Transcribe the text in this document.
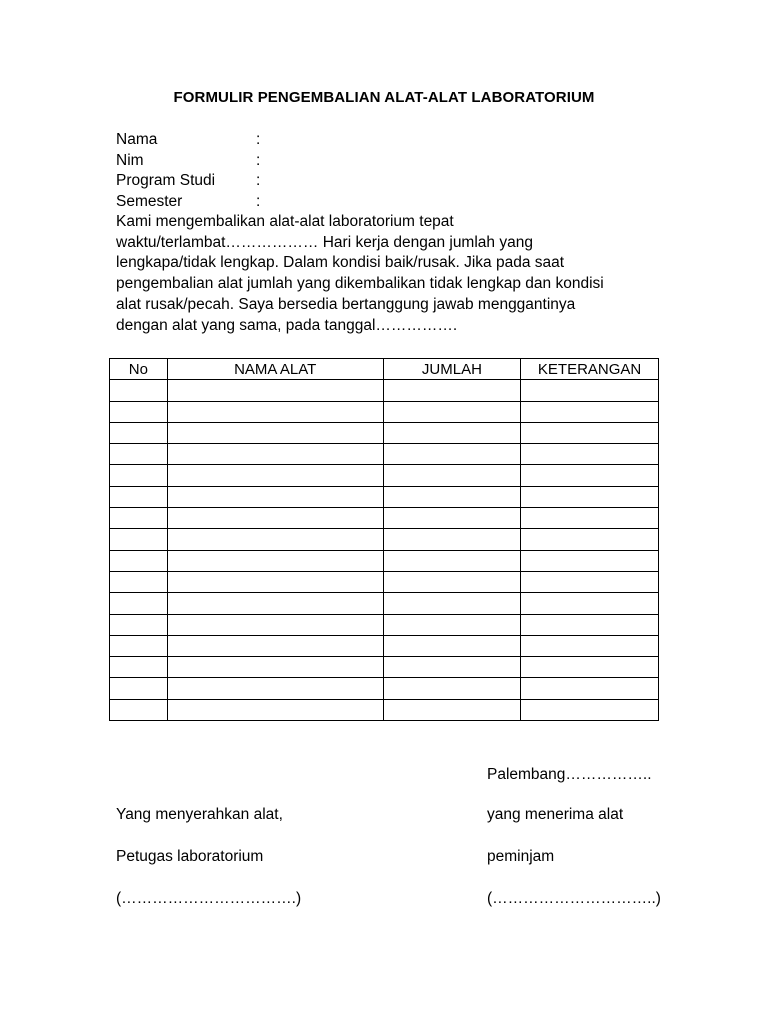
FORMULIR PENGEMBALIAN ALAT-ALAT LABORATORIUM
Nama	:
Nim	:
Program Studi	:
Semester	:
Kami mengembalikan alat-alat laboratorium tepat
waktu/terlambat……………… Hari kerja dengan jumlah yang
lengkapa/tidak lengkap. Dalam kondisi baik/rusak. Jika pada saat
pengembalian alat jumlah yang dikembalikan tidak lengkap dan kondisi
alat rusak/pecah. Saya bersedia bertanggung jawab menggantinya
dengan alat yang sama, pada tanggal…………….
No	NAMA ALAT	JUMLAH	KETERANGAN

Palembang……………..
Yang menyerahkan alat,
Petugas laboratorium
(…………………………….)
yang menerima alat
peminjam
(…………………………..)
